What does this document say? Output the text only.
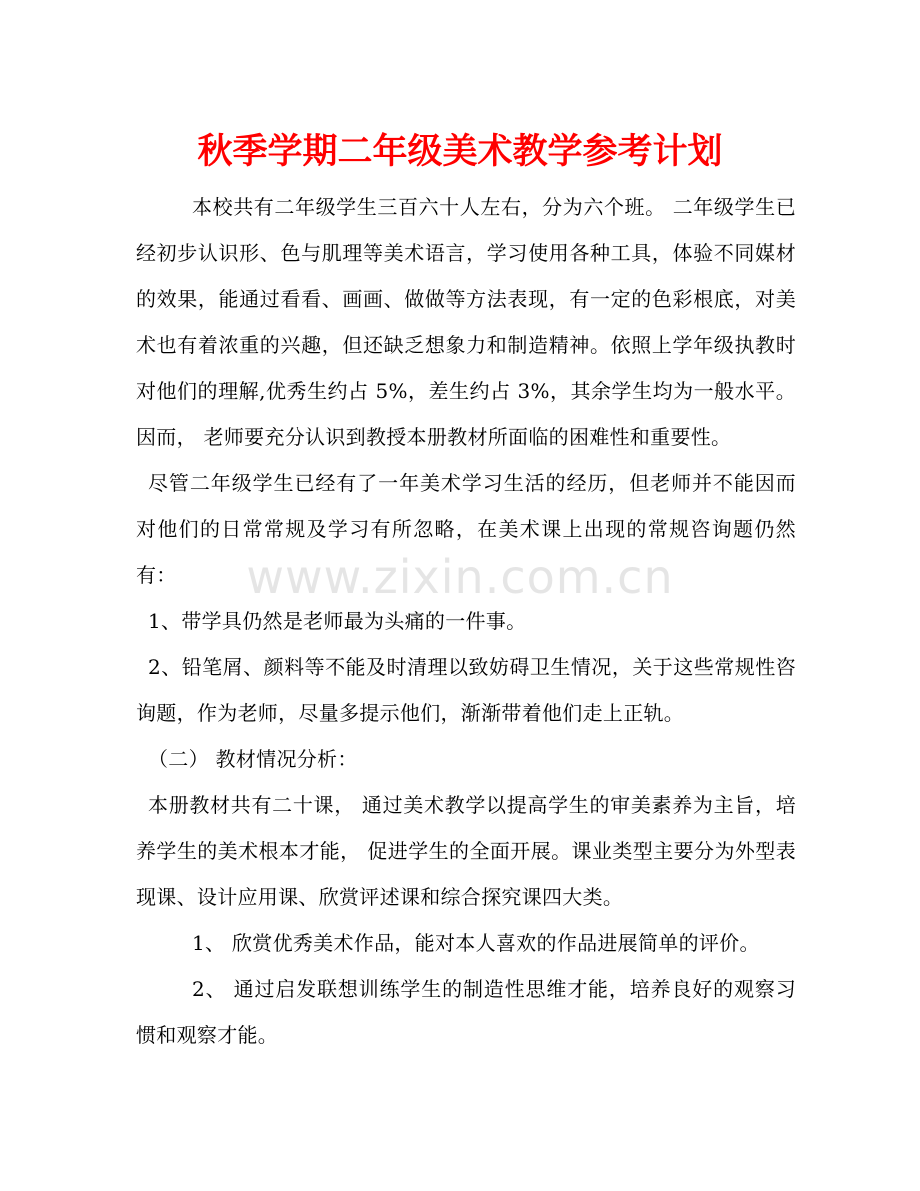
秋季学期二年级美术教学参考计划

本校共有二年级学生三百六十人左右，分为六个班。 二年级学生已经初步认识形、色与肌理等美术语言，学习使用各种工具，体验不同媒材的效果，能通过看看、画画、做做等方法表现，有一定的色彩根底，对美术也有着浓重的兴趣，但还缺乏想象力和制造精神。依照上学年级执教时对他们的理解,优秀生约占 5%，差生约占 3%，其余学生均为一般水平。因而， 老师要充分认识到教授本册教材所面临的困难性和重要性。

尽管二年级学生已经有了一年美术学习生活的经历，但老师并不能因而对他们的日常常规及学习有所忽略，在美术课上出现的常规咨询题仍然有：

1、带学具仍然是老师最为头痛的一件事。

2、铅笔屑、颜料等不能及时清理以致妨碍卫生情况，关于这些常规性咨询题，作为老师，尽量多提示他们，渐渐带着他们走上正轨。

（二） 教材情况分析：

本册教材共有二十课， 通过美术教学以提高学生的审美素养为主旨，培养学生的美术根本才能， 促进学生的全面开展。课业类型主要分为外型表现课、设计应用课、欣赏评述课和综合探究课四大类。

1、 欣赏优秀美术作品，能对本人喜欢的作品进展简单的评价。

2、 通过启发联想训练学生的制造性思维才能，培养良好的观察习惯和观察才能。

www.zixin.com.cn
